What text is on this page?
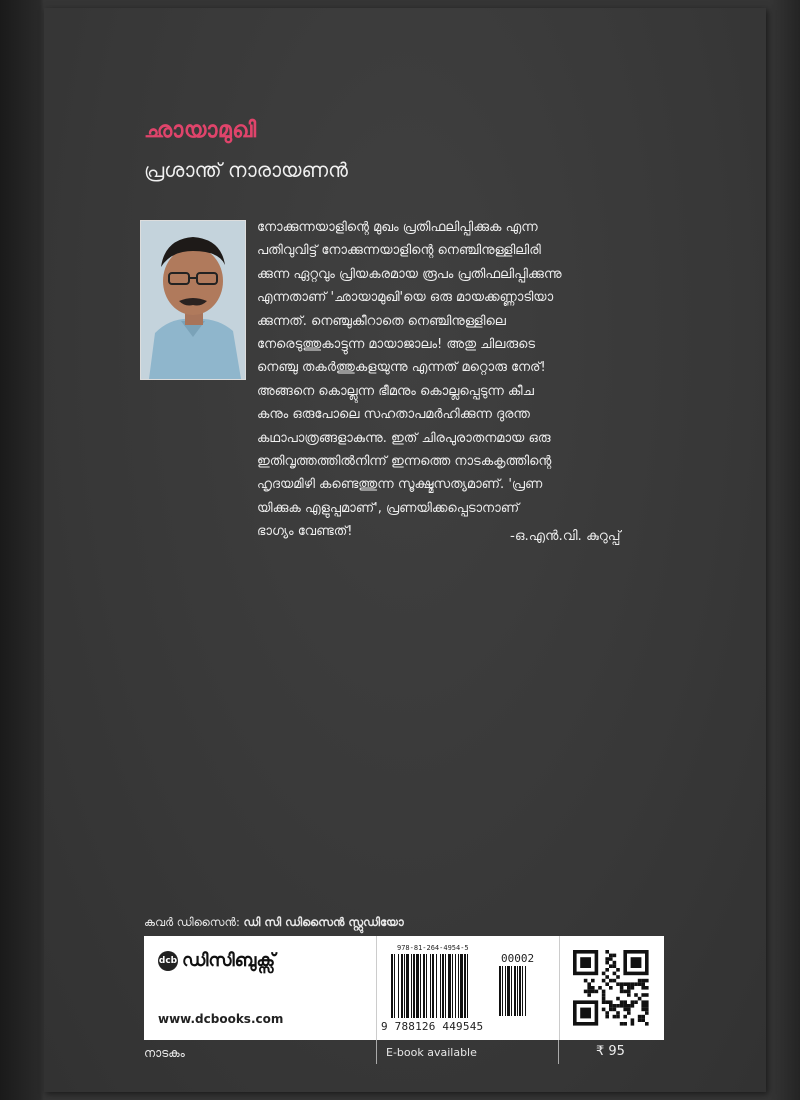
ഛായാമുഖി
പ്രശാന്ത് നാരായണൻ
നോക്കുന്നയാളിന്റെ മുഖം പ്രതിഫലിപ്പിക്കുക എന്ന
പതിവുവിട്ട് നോക്കുന്നയാളിന്റെ നെഞ്ചിനുള്ളിലിരി
ക്കുന്ന ഏറ്റവും പ്രിയകരമായ രൂപം പ്രതിഫലിപ്പിക്കുന്നു
എന്നതാണ് 'ഛായാമുഖി'യെ ഒരു മായക്കണ്ണാടിയാ
ക്കുന്നത്. നെഞ്ചുകീറാതെ നെഞ്ചിനുള്ളിലെ
നേരെടുത്തുകാട്ടുന്ന മായാജാലം! അതു ചിലരുടെ
നെഞ്ചു തകർത്തുകളയുന്നു എന്നത് മറ്റൊരു നേര്!
അങ്ങനെ കൊല്ലുന്ന ഭീമനും കൊല്ലപ്പെടുന്ന കീച
കനും ഒരുപോലെ സഹതാപമർഹിക്കുന്ന ദുരന്ത
കഥാപാത്രങ്ങളാകുന്നു. ഇത് ചിരപുരാതനമായ ഒരു
ഇതിവൃത്തത്തിൽനിന്ന് ഇന്നത്തെ നാടകകൃത്തിന്റെ
ഹൃദയമിഴി കണ്ടെത്തുന്ന സൂക്ഷ്മസത്യമാണ്. 'പ്രണ
യിക്കുക എളുപ്പമാണ്', പ്രണയിക്കപ്പെടാനാണ്
ഭാഗ്യം വേണ്ടത്!	-ഒ.എൻ.വി. കുറുപ്പ്
കവർ ഡിസൈൻ: ഡി സി ഡിസൈൻ സ്റ്റുഡിയോ
dcb ഡിസിബുക്സ്
www.dcbooks.com
978-81-264-4954-5
00002
9 788126 449545
നാടകം	E-book available	₹ 95
